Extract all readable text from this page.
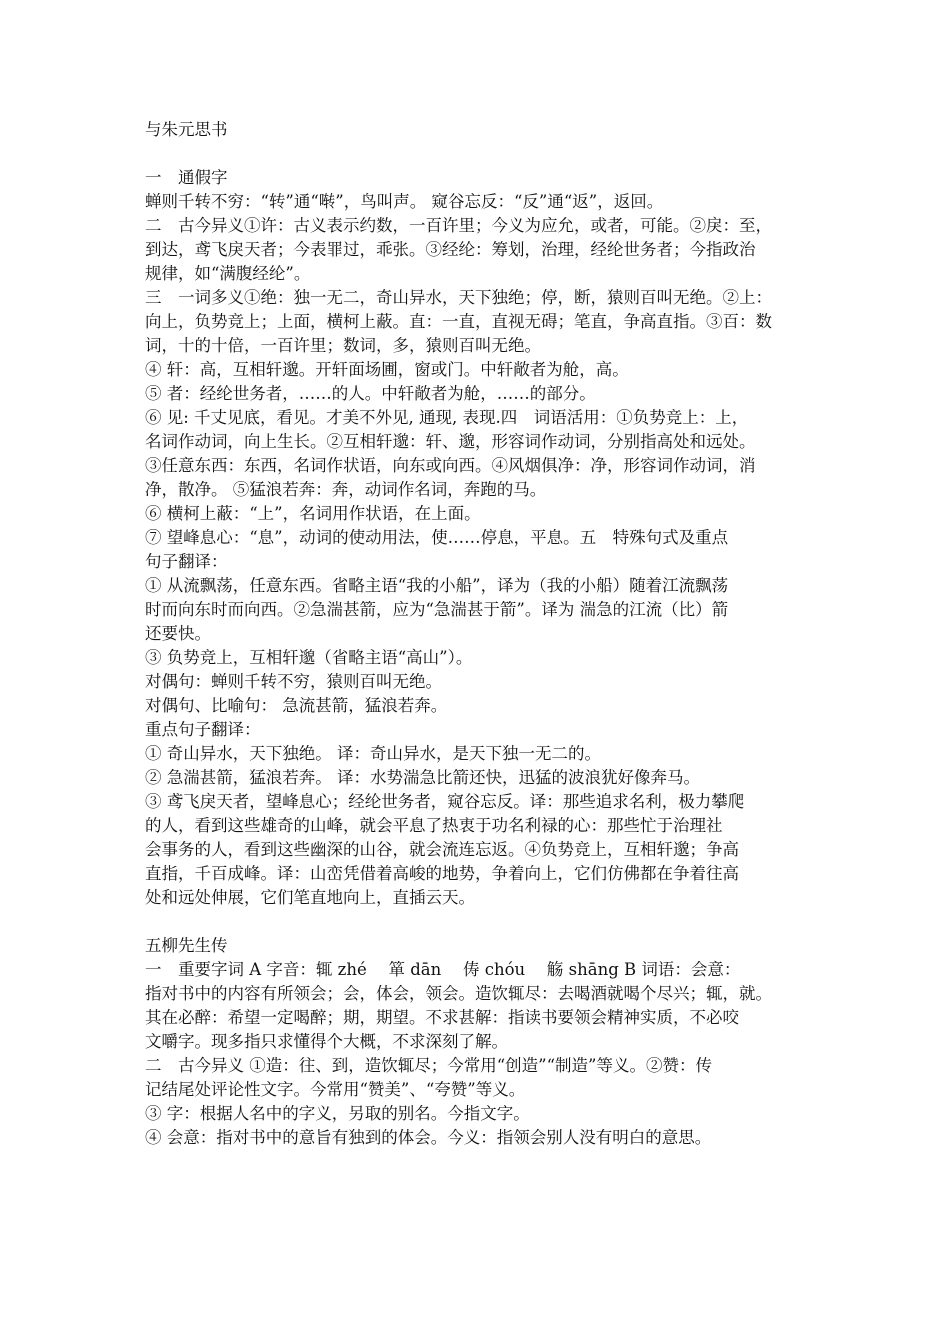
与朱元思书
一　通假字
蝉则千转不穷：“转”通“啭”，鸟叫声。 窥谷忘反：“反”通“返”，返回。
二　古今异义①许：古义表示约数，一百许里；今义为应允，或者，可能。②戾：至，
到达，鸢飞戾天者；今表罪过，乖张。③经纶：筹划，治理，经纶世务者；今指政治
规律，如“满腹经纶”。
三　一词多义①绝：独一无二，奇山异水，天下独绝；停，断，猿则百叫无绝。②上：
向上，负势竞上；上面，横柯上蔽。直：一直，直视无碍；笔直，争高直指。③百：数
词，十的十倍，一百许里；数词，多，猿则百叫无绝。
④ 轩：高，互相轩邈。开轩面场圃，窗或门。中轩敞者为舱，高。
⑤ 者：经纶世务者，……的人。中轩敞者为舱，……的部分。
⑥ 见: 千丈见底，看见。才美不外见, 通现, 表现.四　词语活用：①负势竞上：上，
名词作动词，向上生长。②互相轩邈：轩、邈，形容词作动词，分别指高处和远处。
③任意东西：东西，名词作状语，向东或向西。④风烟俱净：净，形容词作动词，消
净，散净。 ⑤猛浪若奔：奔，动词作名词，奔跑的马。
⑥ 横柯上蔽：“上”，名词用作状语，在上面。
⑦ 望峰息心：“息”，动词的使动用法，使……停息，平息。五　特殊句式及重点
句子翻译：
① 从流飘荡，任意东西。省略主语“我的小船”，译为（我的小船）随着江流飘荡
时而向东时而向西。②急湍甚箭，应为“急湍甚于箭”。译为 湍急的江流（比）箭
还要快。
③ 负势竞上，互相轩邈（省略主语“高山”）。
对偶句：蝉则千转不穷，猿则百叫无绝。
对偶句、比喻句： 急流甚箭，猛浪若奔。
重点句子翻译：
① 奇山异水，天下独绝。 译：奇山异水，是天下独一无二的。
② 急湍甚箭，猛浪若奔。 译：水势湍急比箭还快，迅猛的波浪犹好像奔马。
③ 鸢飞戾天者，望峰息心；经纶世务者，窥谷忘反。译：那些追求名利，极力攀爬
的人，看到这些雄奇的山峰，就会平息了热衷于功名利禄的心：那些忙于治理社
会事务的人，看到这些幽深的山谷，就会流连忘返。④负势竞上，互相轩邈；争高
直指，千百成峰。译：山峦凭借着高峻的地势，争着向上，它们仿佛都在争着往高
处和远处伸展，它们笔直地向上，直插云天。
五柳先生传
一　重要字词 A 字音：辄 zhé　 箪 dān　 俦 chóu　 觞 shāng B 词语：会意：
指对书中的内容有所领会；会，体会，领会。造饮辄尽：去喝酒就喝个尽兴；辄，就。
其在必醉：希望一定喝醉；期，期望。不求甚解：指读书要领会精神实质，不必咬
文嚼字。现多指只求懂得个大概，不求深刻了解。
二　古今异义 ①造：往、到，造饮辄尽；今常用“创造”“制造”等义。②赞：传
记结尾处评论性文字。今常用“赞美”、“夸赞”等义。
③ 字：根据人名中的字义，另取的别名。今指文字。
④ 会意：指对书中的意旨有独到的体会。今义：指领会别人没有明白的意思。
